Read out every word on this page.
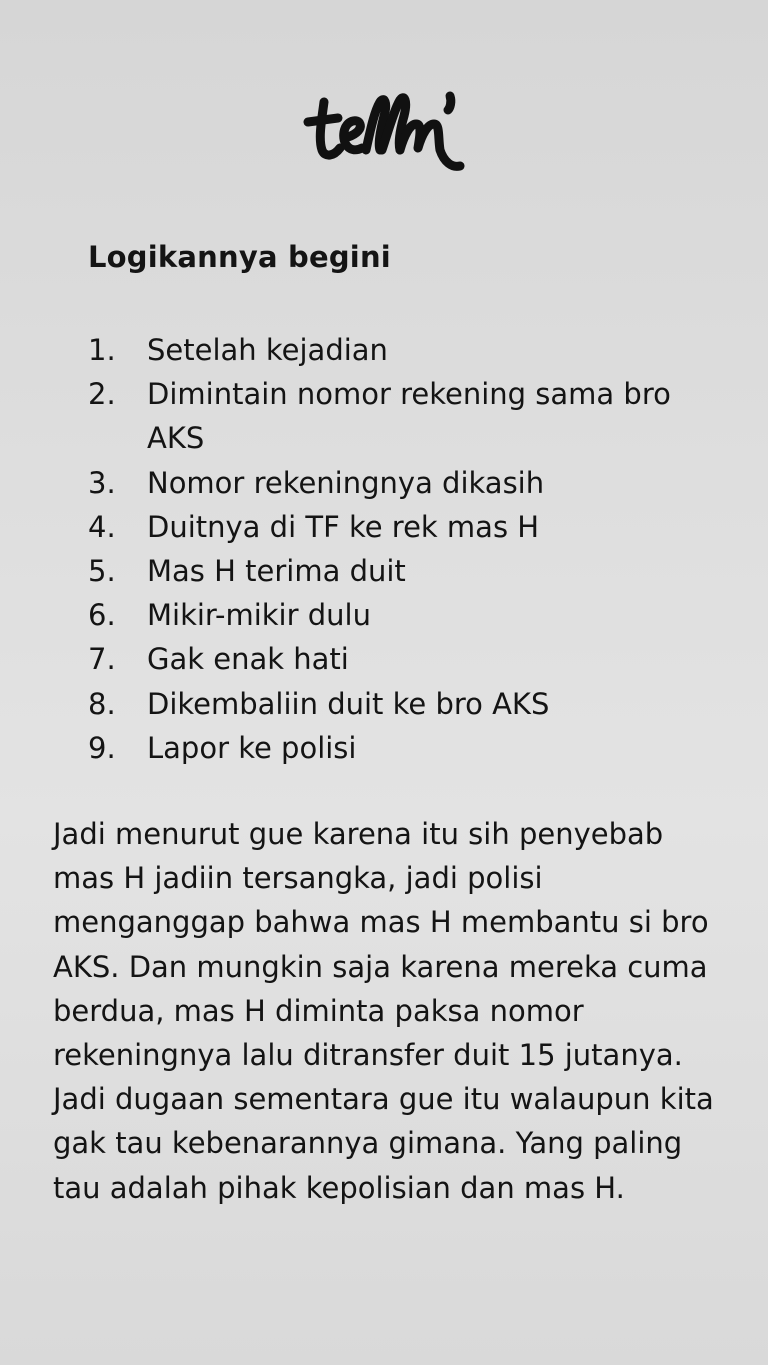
Logikannya begini
1.	Setelah kejadian
2.	Dimintain nomor rekening sama bro AKS
3.	Nomor rekeningnya dikasih
4.	Duitnya di TF ke rek mas H
5.	Mas H terima duit
6.	Mikir-mikir dulu
7.	Gak enak hati
8.	Dikembaliin duit ke bro AKS
9.	Lapor ke polisi

Jadi menurut gue karena itu sih penyebab mas H jadiin tersangka, jadi polisi menganggap bahwa mas H membantu si bro AKS. Dan mungkin saja karena mereka cuma berdua, mas H diminta paksa nomor rekeningnya lalu ditransfer duit 15 jutanya.

Jadi dugaan sementara gue itu walaupun kita gak tau kebenarannya gimana. Yang paling tau adalah pihak kepolisian dan mas H.
